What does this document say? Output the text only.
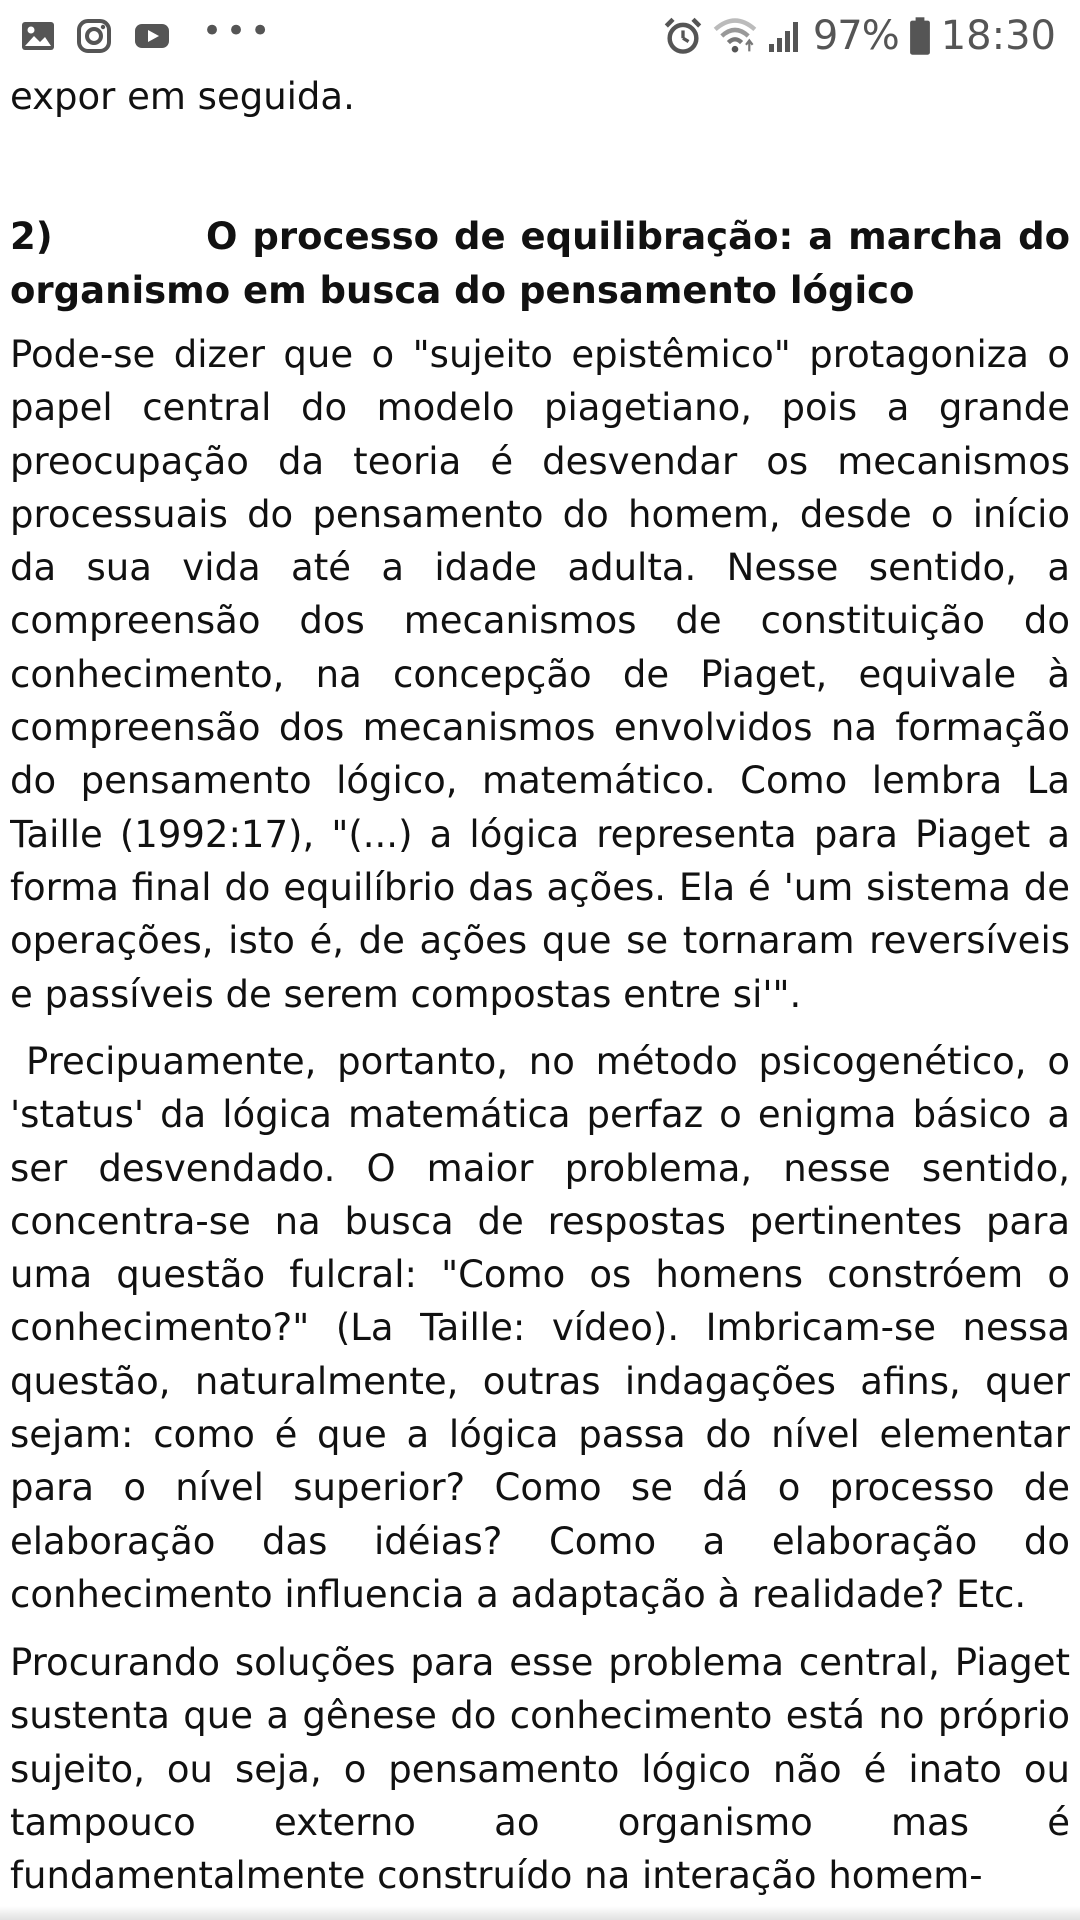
•••	97% 18:30

expor em seguida.

2)	O processo de equilibração: a marcha do organismo em busca do pensamento lógico

Pode-se dizer que o "sujeito epistêmico" protagoniza o papel central do modelo piagetiano, pois a grande preocupação da teoria é desvendar os mecanismos processuais do pensamento do homem, desde o início da sua vida até a idade adulta. Nesse sentido, a compreensão dos mecanismos de constituição do conhecimento, na concepção de Piaget, equivale à compreensão dos mecanismos envolvidos na formação do pensamento lógico, matemático. Como lembra La Taille (1992:17), "(...) a lógica representa para Piaget a forma final do equilíbrio das ações. Ela é 'um sistema de operações, isto é, de ações que se tornaram reversíveis e passíveis de serem compostas entre si'".

Precipuamente, portanto, no método psicogenético, o 'status' da lógica matemática perfaz o enigma básico a ser desvendado. O maior problema, nesse sentido, concentra-se na busca de respostas pertinentes para uma questão fulcral: "Como os homens constróem o conhecimento?" (La Taille: vídeo). Imbricam-se nessa questão, naturalmente, outras indagações afins, quer sejam: como é que a lógica passa do nível elementar para o nível superior? Como se dá o processo de elaboração das idéias? Como a elaboração do conhecimento influencia a adaptação à realidade? Etc.

Procurando soluções para esse problema central, Piaget sustenta que a gênese do conhecimento está no próprio sujeito, ou seja, o pensamento lógico não é inato ou tampouco externo ao organismo mas é fundamentalmente construído na interação homem-
